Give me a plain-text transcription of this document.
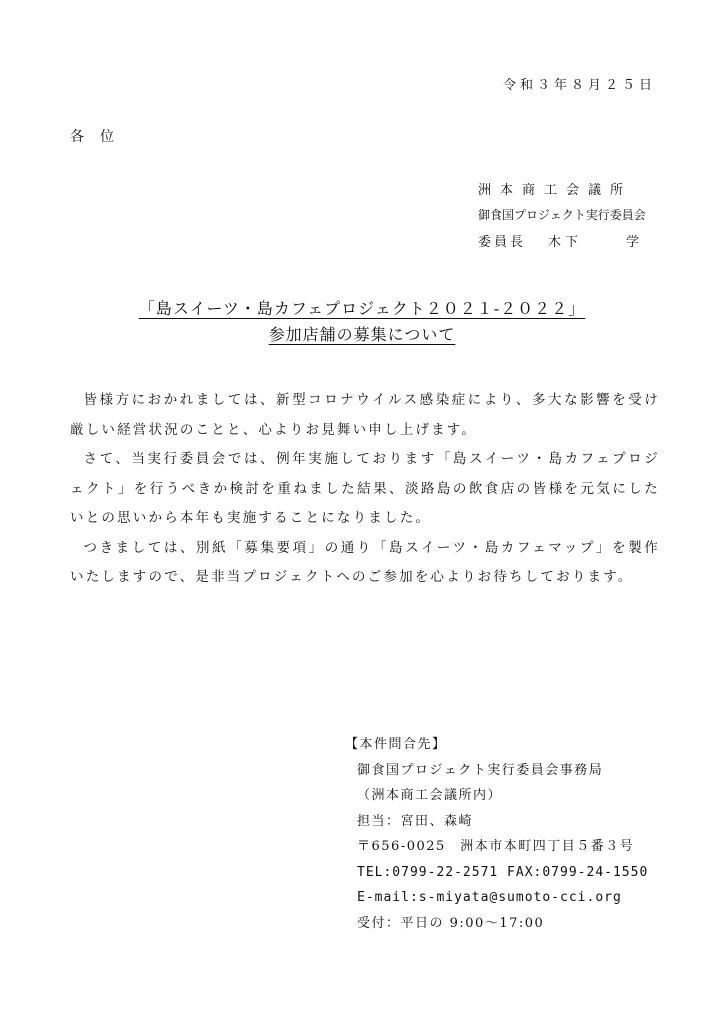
令和３年８月２５日
各位
洲本商工会議所
御食国プロジェクト実行委員会
委員長 木下	学
「島スイーツ・島カフェプロジェクト２０２１-２０２２」
参加店舗の募集について

皆様方におかれましては、新型コロナウイルス感染症により、多大な影響を受け厳しい経営状況のことと、心よりお見舞い申し上げます。

さて、当実行委員会では、例年実施しております「島スイーツ・島カフェプロジェクト」を行うべきか検討を重ねました結果、淡路島の飲食店の皆様を元気にしたいとの思いから本年も実施することになりました。

つきましては、別紙「募集要項」の通り「島スイーツ・島カフェマップ」を製作いたしますので、是非当プロジェクトへのご参加を心よりお待ちしております。

【本件問合先】
御食国プロジェクト実行委員会事務局
（洲本商工会議所内）
担当：宮田、森崎
〒656-0025　洲本市本町四丁目５番３号
TEL:0799-22-2571 FAX:0799-24-1550
E-mail:s-miyata@sumoto-cci.org
受付：平日の 9:00～17:00
